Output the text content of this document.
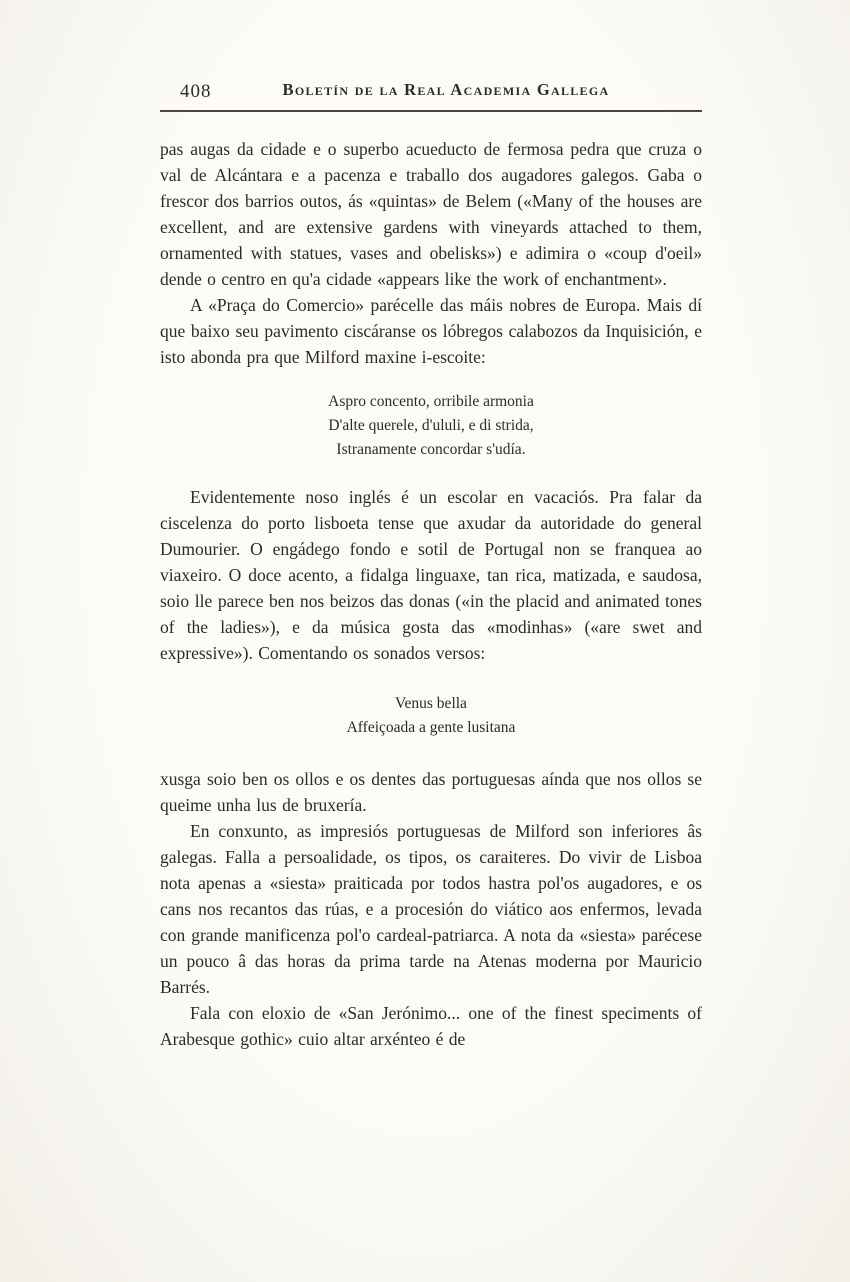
408	Boletín de la Real Academia Gallega

pas augas da cidade e o superbo acueducto de fermosa pedra que cruza o val de Alcántara e a pacenza e traballo dos augadores galegos. Gaba o frescor dos barrios outos, ás «quintas» de Belem («Many of the houses are excellent, and are extensive gardens with vineyards attached to them, ornamented with statues, vases and obelisks») e adimira o «coup d'oeil» dende o centro en qu'a cidade «appears like the work of enchantment».

A «Praça do Comercio» parécelle das máis nobres de Europa. Mais dí que baixo seu pavimento ciscáranse os lóbregos calabozos da Inquisición, e isto abonda pra que Milford maxine i-escoite:

Aspro concento, orribile armonia
D'alte querele, d'ululi, e di strida,
Istranamente concordar s'udía.

Evidentemente noso inglés é un escolar en vacaciós. Pra falar da ciscelenza do porto lisboeta tense que axudar da autoridade do general Dumourier. O engádego fondo e sotil de Portugal non se franquea ao viaxeiro. O doce acento, a fidalga linguaxe, tan rica, matizada, e saudosa, soio lle parece ben nos beizos das donas («in the placid and animated tones of the ladies»), e da música gosta das «modinhas» («are swet and expressive»). Comentando os sonados versos:

Venus bella
Affeiçoada a gente lusitana

xusga soio ben os ollos e os dentes das portuguesas aínda que nos ollos se queime unha lus de bruxería.

En conxunto, as impresiós portuguesas de Milford son inferiores âs galegas. Falla a persoalidade, os tipos, os caraiteres. Do vivir de Lisboa nota apenas a «siesta» praiticada por todos hastra pol'os augadores, e os cans nos recantos das rúas, e a procesión do viático aos enfermos, levada con grande manificenza pol'o cardeal-patriarca. A nota da «siesta» parécese un pouco â das horas da prima tarde na Atenas moderna por Mauricio Barrés.

Fala con eloxio de «San Jerónimo... one of the finest speciments of Arabesque gothic» cuio altar arxénteo é de
